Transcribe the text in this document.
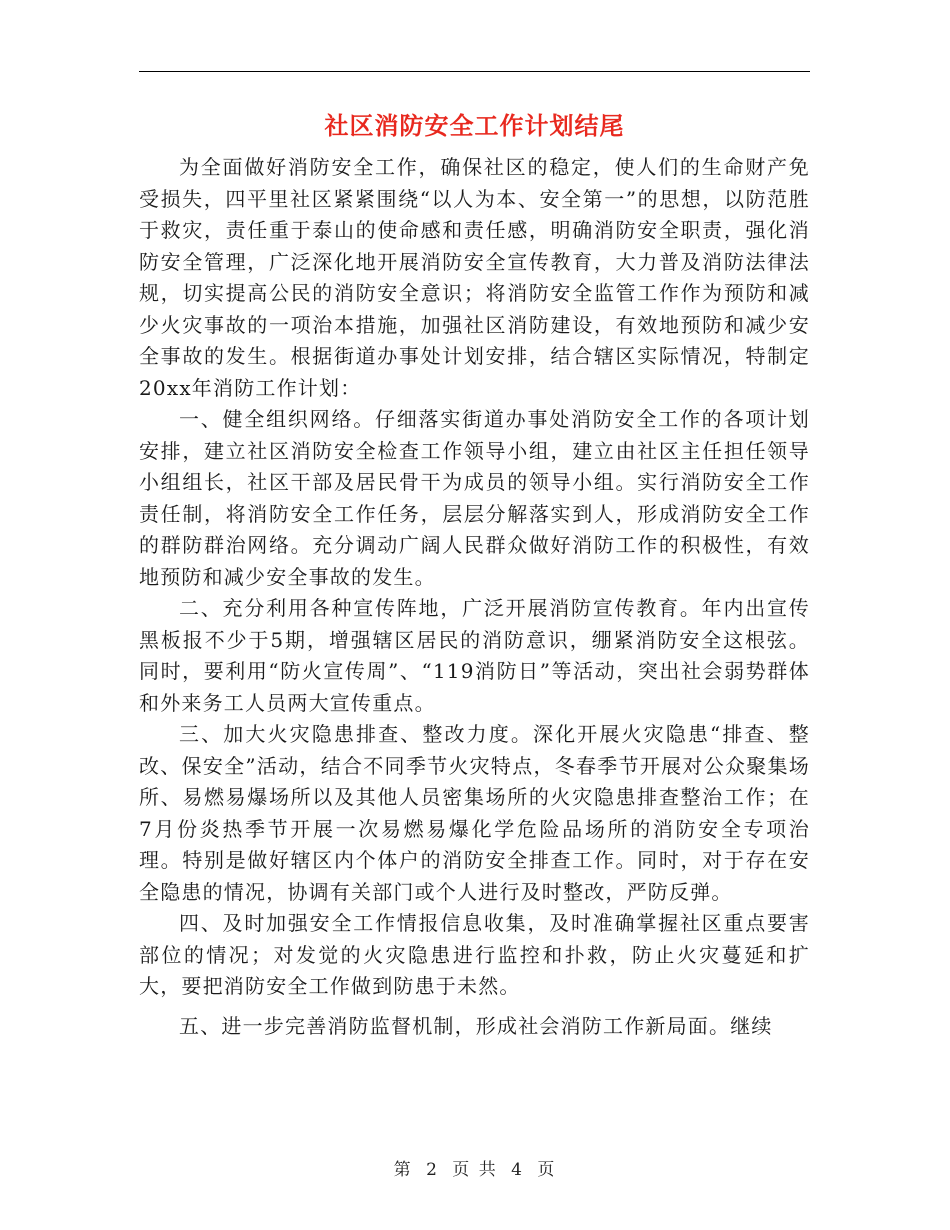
社区消防安全工作计划结尾

为全面做好消防安全工作，确保社区的稳定，使人们的生命财产免受损失，四平里社区紧紧围绕“以人为本、安全第一”的思想，以防范胜于救灾，责任重于泰山的使命感和责任感，明确消防安全职责，强化消防安全管理，广泛深化地开展消防安全宣传教育，大力普及消防法律法规，切实提高公民的消防安全意识；将消防安全监管工作作为预防和减少火灾事故的一项治本措施，加强社区消防建设，有效地预防和减少安全事故的发生。根据街道办事处计划安排，结合辖区实际情况，特制定20xx年消防工作计划：

一、健全组织网络。仔细落实街道办事处消防安全工作的各项计划安排，建立社区消防安全检查工作领导小组，建立由社区主任担任领导小组组长，社区干部及居民骨干为成员的领导小组。实行消防安全工作责任制，将消防安全工作任务，层层分解落实到人，形成消防安全工作的群防群治网络。充分调动广阔人民群众做好消防工作的积极性，有效地预防和减少安全事故的发生。

二、充分利用各种宣传阵地，广泛开展消防宣传教育。年内出宣传黑板报不少于5期，增强辖区居民的消防意识，绷紧消防安全这根弦。同时，要利用“防火宣传周”、“119消防日”等活动，突出社会弱势群体和外来务工人员两大宣传重点。

三、加大火灾隐患排查、整改力度。深化开展火灾隐患“排查、整改、保安全”活动，结合不同季节火灾特点，冬春季节开展对公众聚集场所、易燃易爆场所以及其他人员密集场所的火灾隐患排查整治工作；在7月份炎热季节开展一次易燃易爆化学危险品场所的消防安全专项治理。特别是做好辖区内个体户的消防安全排查工作。同时，对于存在安全隐患的情况，协调有关部门或个人进行及时整改，严防反弹。

四、及时加强安全工作情报信息收集，及时准确掌握社区重点要害部位的情况；对发觉的火灾隐患进行监控和扑救，防止火灾蔓延和扩大，要把消防安全工作做到防患于未然。

五、进一步完善消防监督机制，形成社会消防工作新局面。继续

第 2 页 共 4 页
